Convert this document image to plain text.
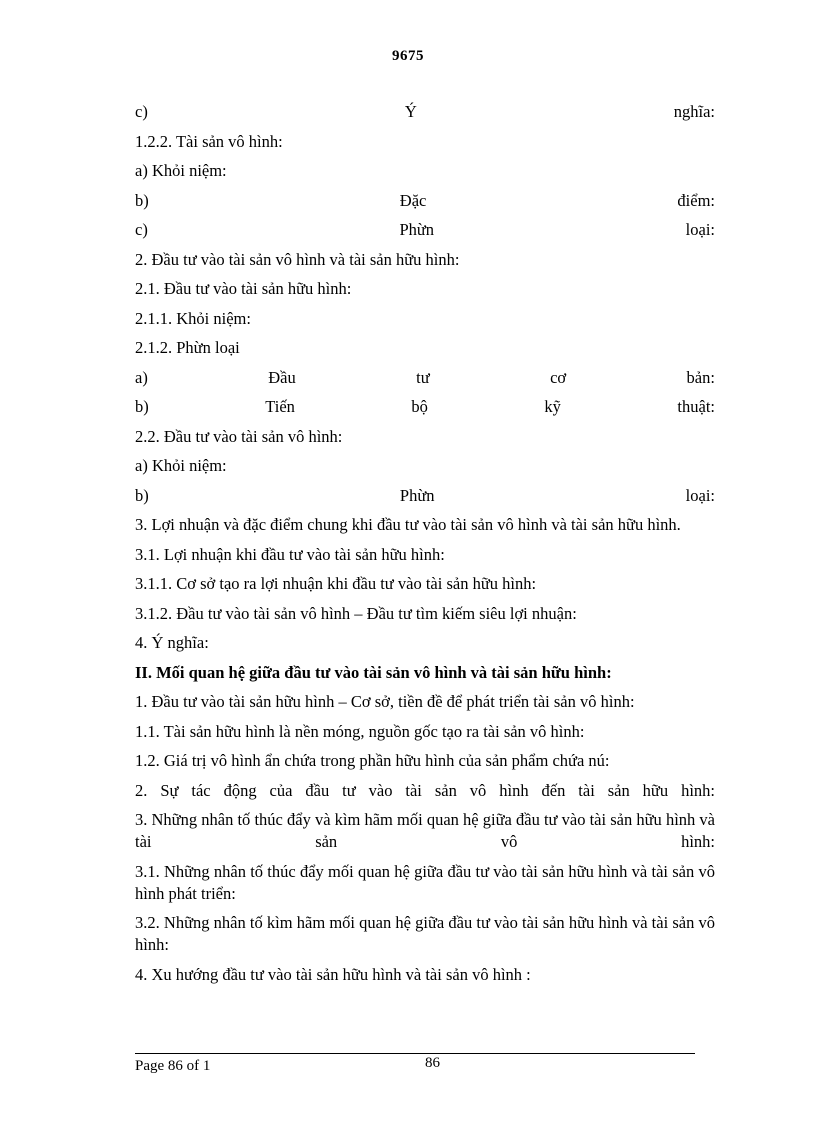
9675
c)	Ý	nghĩa:
1.2.2. Tài sản vô hình:
a) Khỏi niệm:
b)	Đặc	điểm:
c)	Phừn	loại:
2. Đầu tư vào tài sản vô hình và tài sản hữu hình:
2.1. Đầu tư vào tài sản hữu hình:
2.1.1. Khỏi niệm:
2.1.2. Phừn loại
a)	Đầu	tư	cơ	bản:
b)	Tiến	bộ	kỹ	thuật:
2.2. Đầu tư vào tài sản vô hình:
a) Khỏi niệm:
b)	Phừn	loại:
3. Lợi nhuận và đặc điểm chung khi đầu tư vào tài sản vô hình và tài sản hữu hình.
3.1. Lợi nhuận khi đầu tư vào tài sản hữu hình:
3.1.1. Cơ sở tạo ra lợi nhuận khi đầu tư vào tài sản hữu hình:
3.1.2. Đầu tư vào tài sản vô hình – Đầu tư tìm kiếm siêu lợi nhuận:
4. Ý nghĩa:
II. Mối quan hệ giữa đầu tư vào tài sản vô hình và tài sản hữu hình:
1. Đầu tư vào tài sản hữu hình – Cơ sở, tiền đề để phát triển tài sản vô hình:
1.1. Tài sản hữu hình là nền móng, nguồn gốc tạo ra tài sản vô hình:
1.2. Giá trị vô hình ẩn chứa trong phần hữu hình của sản phẩm chứa nú:
2. Sự tác động của đầu tư vào tài sản vô hình đến tài sản hữu hình:
3. Những nhân tố thúc đẩy và kìm hãm mối quan hệ giữa đầu tư vào tài sản hữu hình và tài sản vô hình:
3.1. Những nhân tố thúc đẩy mối quan hệ giữa đầu tư vào tài sản hữu hình và tài sản vô hình phát triển:
3.2. Những nhân tố kìm hãm mối quan hệ giữa đầu tư vào tài sản hữu hình và tài sản vô hình:
4. Xu hướng đầu tư vào tài sản hữu hình và tài sản vô hình :
Page 86 of 1	86
